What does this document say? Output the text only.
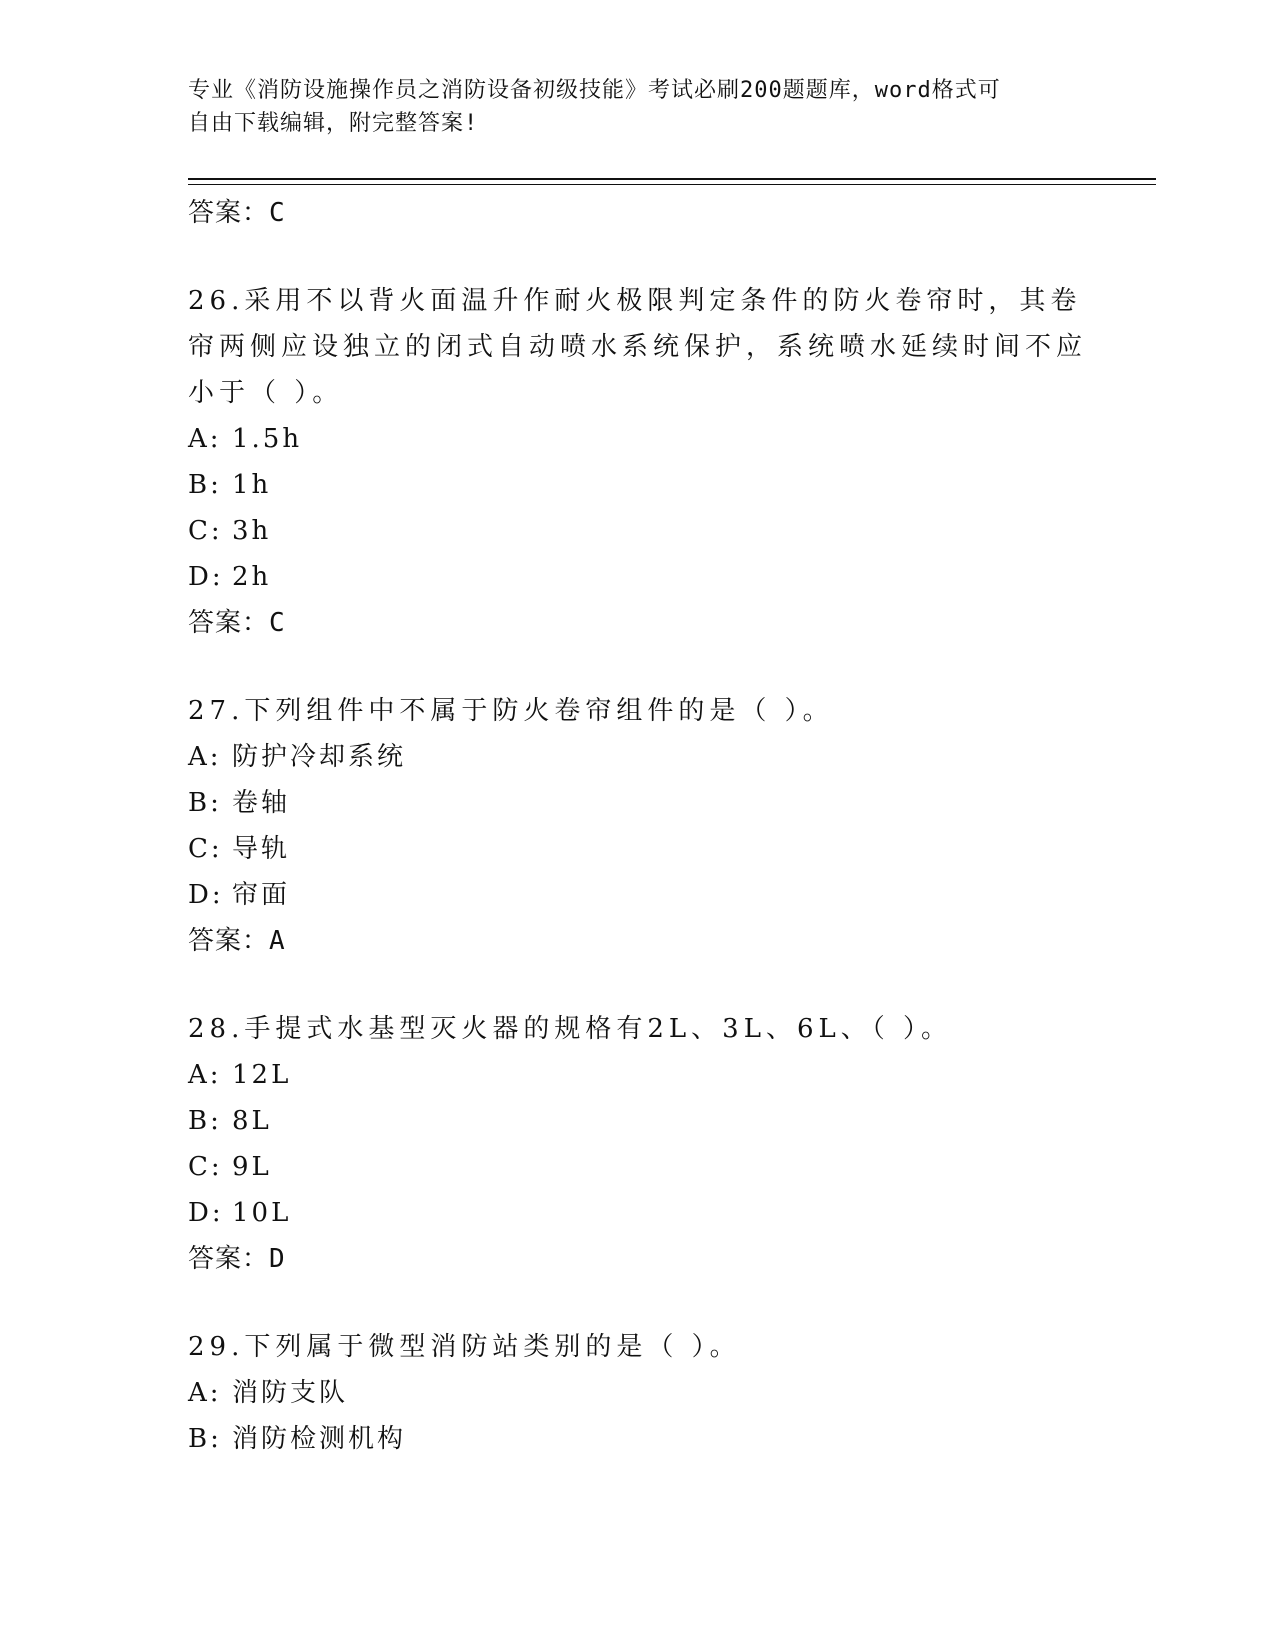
专业《消防设施操作员之消防设备初级技能》考试必刷200题题库，word格式可
自由下载编辑，附完整答案!
答案：C
26.采用不以背火面温升作耐火极限判定条件的防火卷帘时，其卷帘两侧应设独立的闭式自动喷水系统保护，系统喷水延续时间不应小于（ ）。
A: 1.5h
B: 1h
C: 3h
D: 2h
答案：C
27.下列组件中不属于防火卷帘组件的是（ ）。
A: 防护冷却系统
B: 卷轴
C: 导轨
D: 帘面
答案：A
28.手提式水基型灭火器的规格有2L、3L、6L、（ ）。
A: 12L
B: 8L
C: 9L
D: 10L
答案：D
29.下列属于微型消防站类别的是（ ）。
A: 消防支队
B: 消防检测机构
